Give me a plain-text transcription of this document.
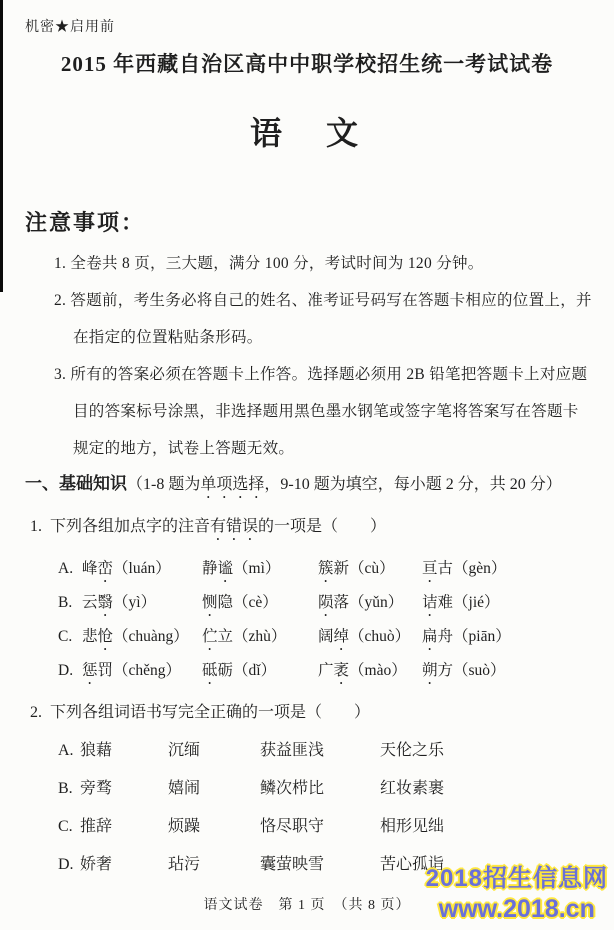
机密★启用前
2015 年西藏自治区高中中职学校招生统一考试试卷
语　文
注意事项：

1. 全卷共 8 页，三大题，满分 100 分，考试时间为 120 分钟。

2. 答题前，考生务必将自己的姓名、准考证号码写在答题卡相应的位置上，并在指定的位置粘贴条形码。

3. 所有的答案必须在答题卡上作答。选择题必须用 2B 铅笔把答题卡上对应题目的答案标号涂黑，非选择题用黑色墨水钢笔或签字笔将答案写在答题卡规定的地方，试卷上答题无效。

一、基础知识（1-8 题为单项选择，9-10 题为填空，每小题 2 分，共 20 分）
1. 下列各组加点字的注音有错误的一项是（　　）
A. 峰峦（luán）	静谧（mì）	簇新（cù）	亘古（gèn）
B. 云翳（yì）	恻隐（cè）	陨落（yǔn）	诘难（jié）
C. 悲怆（chuàng） 伫立（zhù）	阔绰（chuò） 扁舟（piān）
D. 惩罚（chěng）	砥砺（dǐ）	广袤（mào） 朔方（suò）
2. 下列各组词语书写完全正确的一项是（　　）
A. 狼藉	沉缅	获益匪浅	天伦之乐
B. 旁骛	嬉闹	鳞次栉比	红妆素裹
C. 推辞	烦躁	恪尽职守	相形见绌
D. 娇奢	玷污	囊萤映雪	苦心孤诣
语文试卷　第 1 页　（共 8 页）
2018招生信息网
www.2018.cn
